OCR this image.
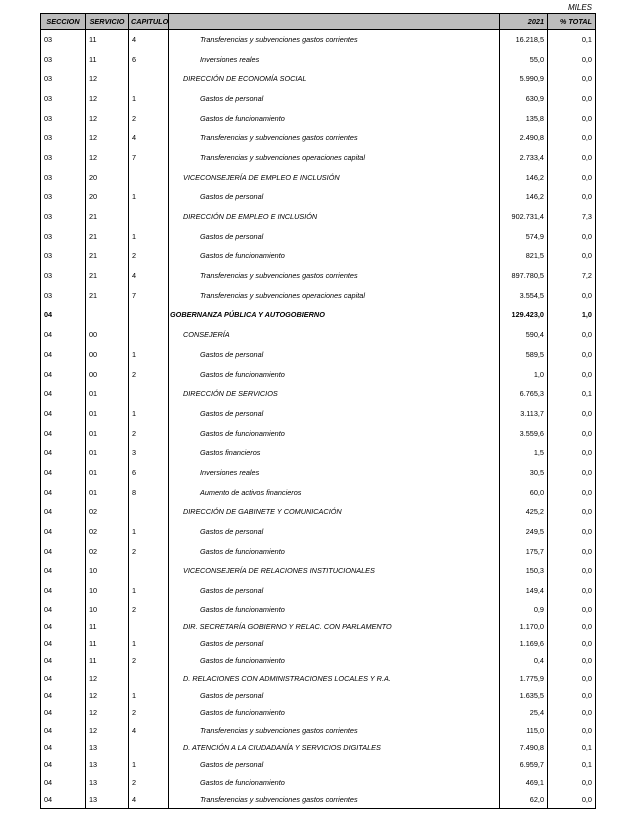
MILES
SECCION	SERVICIO	CAPITULO		2021	% TOTAL
03	11	4	Transferencias y subvenciones gastos corrientes	16.218,5	0,1
03	11	6	Inversiones reales	55,0	0,0
03	12		DIRECCIÓN DE ECONOMÍA SOCIAL	5.990,9	0,0
03	12	1	Gastos de personal	630,9	0,0
03	12	2	Gastos de funcionamiento	135,8	0,0
03	12	4	Transferencias y subvenciones gastos corrientes	2.490,8	0,0
03	12	7	Transferencias y subvenciones operaciones capital	2.733,4	0,0
03	20		VICECONSEJERÍA DE EMPLEO E INCLUSIÓN	146,2	0,0
03	20	1	Gastos de personal	146,2	0,0
03	21		DIRECCIÓN DE EMPLEO E INCLUSIÓN	902.731,4	7,3
03	21	1	Gastos de personal	574,9	0,0
03	21	2	Gastos de funcionamiento	821,5	0,0
03	21	4	Transferencias y subvenciones gastos corrientes	897.780,5	7,2
03	21	7	Transferencias y subvenciones operaciones capital	3.554,5	0,0
04			GOBERNANZA PÚBLICA Y AUTOGOBIERNO	129.423,0	1,0
04	00		CONSEJERÍA	590,4	0,0
04	00	1	Gastos de personal	589,5	0,0
04	00	2	Gastos de funcionamiento	1,0	0,0
04	01		DIRECCIÓN DE SERVICIOS	6.765,3	0,1
04	01	1	Gastos de personal	3.113,7	0,0
04	01	2	Gastos de funcionamiento	3.559,6	0,0
04	01	3	Gastos financieros	1,5	0,0
04	01	6	Inversiones reales	30,5	0,0
04	01	8	Aumento de activos financieros	60,0	0,0
04	02		DIRECCIÓN DE GABINETE Y COMUNICACIÓN	425,2	0,0
04	02	1	Gastos de personal	249,5	0,0
04	02	2	Gastos de funcionamiento	175,7	0,0
04	10		VICECONSEJERÍA DE RELACIONES INSTITUCIONALES	150,3	0,0
04	10	1	Gastos de personal	149,4	0,0
04	10	2	Gastos de funcionamiento	0,9	0,0
04	11		DIR. SECRETARÍA GOBIERNO Y RELAC. CON PARLAMENTO	1.170,0	0,0
04	11	1	Gastos de personal	1.169,6	0,0
04	11	2	Gastos de funcionamiento	0,4	0,0
04	12		D. RELACIONES CON ADMINISTRACIONES LOCALES Y R.A.	1.775,9	0,0
04	12	1	Gastos de personal	1.635,5	0,0
04	12	2	Gastos de funcionamiento	25,4	0,0
04	12	4	Transferencias y subvenciones gastos corrientes	115,0	0,0
04	13		D. ATENCIÓN A LA CIUDADANÍA Y SERVICIOS DIGITALES	7.490,8	0,1
04	13	1	Gastos de personal	6.959,7	0,1
04	13	2	Gastos de funcionamiento	469,1	0,0
04	13	4	Transferencias y subvenciones gastos corrientes	62,0	0,0
